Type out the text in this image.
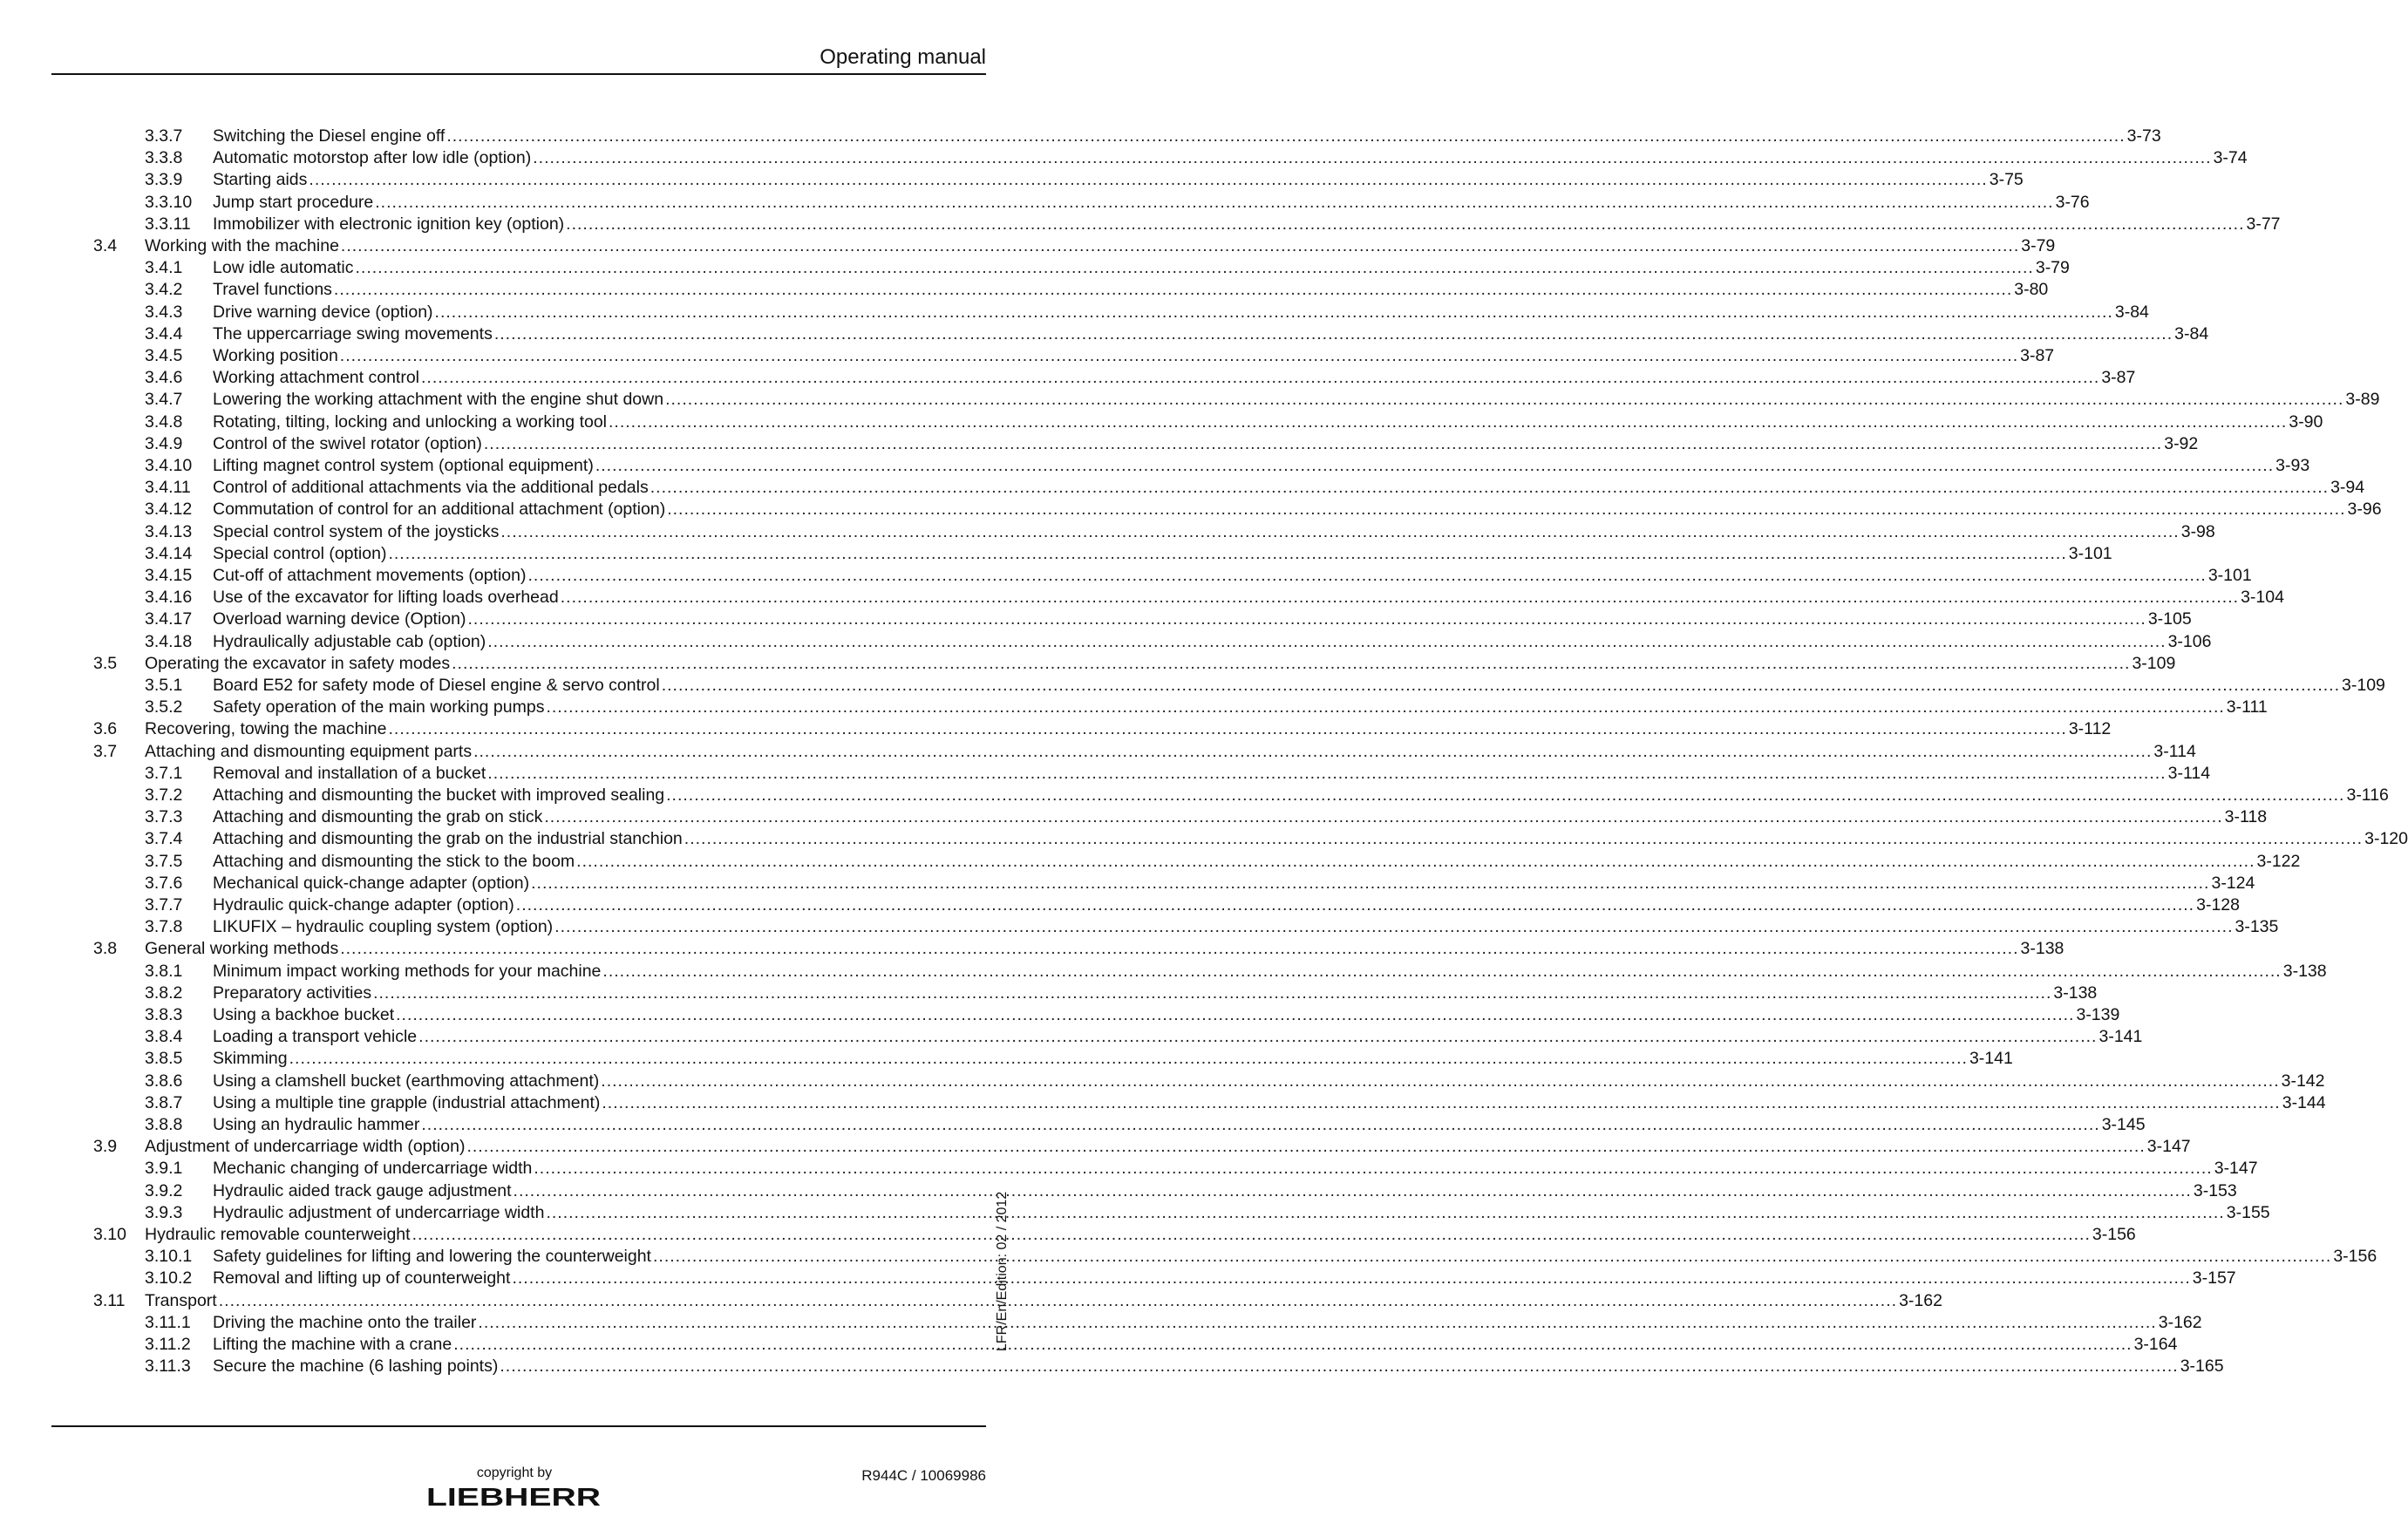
Operating manual
3.3.7 Switching the Diesel engine off ............................................................................................................................................................................................................................................................................................................ 3-73
3.3.8 Automatic motorstop after low idle (option) ............................................................................................................................................................................................................................................................................................................ 3-74
3.3.9 Starting aids ............................................................................................................................................................................................................................................................................................................ 3-75
3.3.10 Jump start procedure ............................................................................................................................................................................................................................................................................................................ 3-76
3.3.11 Immobilizer with electronic ignition key (option) ............................................................................................................................................................................................................................................................................................................ 3-77
3.4 Working with the machine ............................................................................................................................................................................................................................................................................................................ 3-79
3.4.1 Low idle automatic ............................................................................................................................................................................................................................................................................................................ 3-79
3.4.2 Travel functions ............................................................................................................................................................................................................................................................................................................ 3-80
3.4.3 Drive warning device (option) ............................................................................................................................................................................................................................................................................................................ 3-84
3.4.4 The uppercarriage swing movements ............................................................................................................................................................................................................................................................................................................ 3-84
3.4.5 Working position ............................................................................................................................................................................................................................................................................................................ 3-87
3.4.6 Working attachment control ............................................................................................................................................................................................................................................................................................................ 3-87
3.4.7 Lowering the working attachment with the engine shut down ............................................................................................................................................................................................................................................................................................................ 3-89
3.4.8 Rotating, tilting, locking and unlocking a working tool ............................................................................................................................................................................................................................................................................................................ 3-90
3.4.9 Control of the swivel rotator (option) ............................................................................................................................................................................................................................................................................................................ 3-92
3.4.10 Lifting magnet control system (optional equipment) ............................................................................................................................................................................................................................................................................................................ 3-93
3.4.11 Control of additional attachments via the additional pedals ............................................................................................................................................................................................................................................................................................................ 3-94
3.4.12 Commutation of control for an additional attachment (option) ............................................................................................................................................................................................................................................................................................................ 3-96
3.4.13 Special control system of the joysticks ............................................................................................................................................................................................................................................................................................................ 3-98
3.4.14 Special control (option) ............................................................................................................................................................................................................................................................................................................ 3-101
3.4.15 Cut-off of attachment movements (option) ............................................................................................................................................................................................................................................................................................................ 3-101
3.4.16 Use of the excavator for lifting loads overhead ............................................................................................................................................................................................................................................................................................................ 3-104
3.4.17 Overload warning device (Option) ............................................................................................................................................................................................................................................................................................................ 3-105
3.4.18 Hydraulically adjustable cab (option) ............................................................................................................................................................................................................................................................................................................ 3-106
3.5 Operating the excavator in safety modes ............................................................................................................................................................................................................................................................................................................ 3-109
3.5.1 Board E52 for safety mode of Diesel engine & servo control ............................................................................................................................................................................................................................................................................................................ 3-109
3.5.2 Safety operation of the main working pumps ............................................................................................................................................................................................................................................................................................................ 3-111
3.6 Recovering, towing the machine ............................................................................................................................................................................................................................................................................................................ 3-112
3.7 Attaching and dismounting equipment parts ............................................................................................................................................................................................................................................................................................................ 3-114
3.7.1 Removal and installation of a bucket ............................................................................................................................................................................................................................................................................................................ 3-114
3.7.2 Attaching and dismounting the bucket with improved sealing ............................................................................................................................................................................................................................................................................................................ 3-116
3.7.3 Attaching and dismounting the grab on stick ............................................................................................................................................................................................................................................................................................................ 3-118
3.7.4 Attaching and dismounting the grab on the industrial stanchion ............................................................................................................................................................................................................................................................................................................ 3-120
3.7.5 Attaching and dismounting the stick to the boom ............................................................................................................................................................................................................................................................................................................ 3-122
3.7.6 Mechanical quick-change adapter (option) ............................................................................................................................................................................................................................................................................................................ 3-124
3.7.7 Hydraulic quick-change adapter (option) ............................................................................................................................................................................................................................................................................................................ 3-128
3.7.8 LIKUFIX – hydraulic coupling system (option) ............................................................................................................................................................................................................................................................................................................ 3-135
3.8 General working methods ............................................................................................................................................................................................................................................................................................................ 3-138
3.8.1 Minimum impact working methods for your machine ............................................................................................................................................................................................................................................................................................................ 3-138
3.8.2 Preparatory activities ............................................................................................................................................................................................................................................................................................................ 3-138
3.8.3 Using a backhoe bucket ............................................................................................................................................................................................................................................................................................................ 3-139
3.8.4 Loading a transport vehicle ............................................................................................................................................................................................................................................................................................................ 3-141
3.8.5 Skimming ............................................................................................................................................................................................................................................................................................................ 3-141
3.8.6 Using a clamshell bucket (earthmoving attachment) ............................................................................................................................................................................................................................................................................................................ 3-142
3.8.7 Using a multiple tine grapple (industrial attachment) ............................................................................................................................................................................................................................................................................................................ 3-144
3.8.8 Using an hydraulic hammer ............................................................................................................................................................................................................................................................................................................ 3-145
3.9 Adjustment of undercarriage width (option) ............................................................................................................................................................................................................................................................................................................ 3-147
3.9.1 Mechanic changing of undercarriage width ............................................................................................................................................................................................................................................................................................................ 3-147
3.9.2 Hydraulic aided track gauge adjustment ............................................................................................................................................................................................................................................................................................................ 3-153
3.9.3 Hydraulic adjustment of undercarriage width ............................................................................................................................................................................................................................................................................................................ 3-155
3.10 Hydraulic removable counterweight ............................................................................................................................................................................................................................................................................................................ 3-156
3.10.1 Safety guidelines for lifting and lowering the counterweight ............................................................................................................................................................................................................................................................................................................ 3-156
3.10.2 Removal and lifting up of counterweight ............................................................................................................................................................................................................................................................................................................ 3-157
3.11 Transport ............................................................................................................................................................................................................................................................................................................ 3-162
3.11.1 Driving the machine onto the trailer ............................................................................................................................................................................................................................................................................................................ 3-162
3.11.2 Lifting the machine with a crane ............................................................................................................................................................................................................................................................................................................ 3-164
3.11.3 Secure the machine (6 lashing points) ............................................................................................................................................................................................................................................................................................................ 3-165
LFR/En/Edition: 02 / 2012
copyright by
LIEBHERR
R944C / 10069986
